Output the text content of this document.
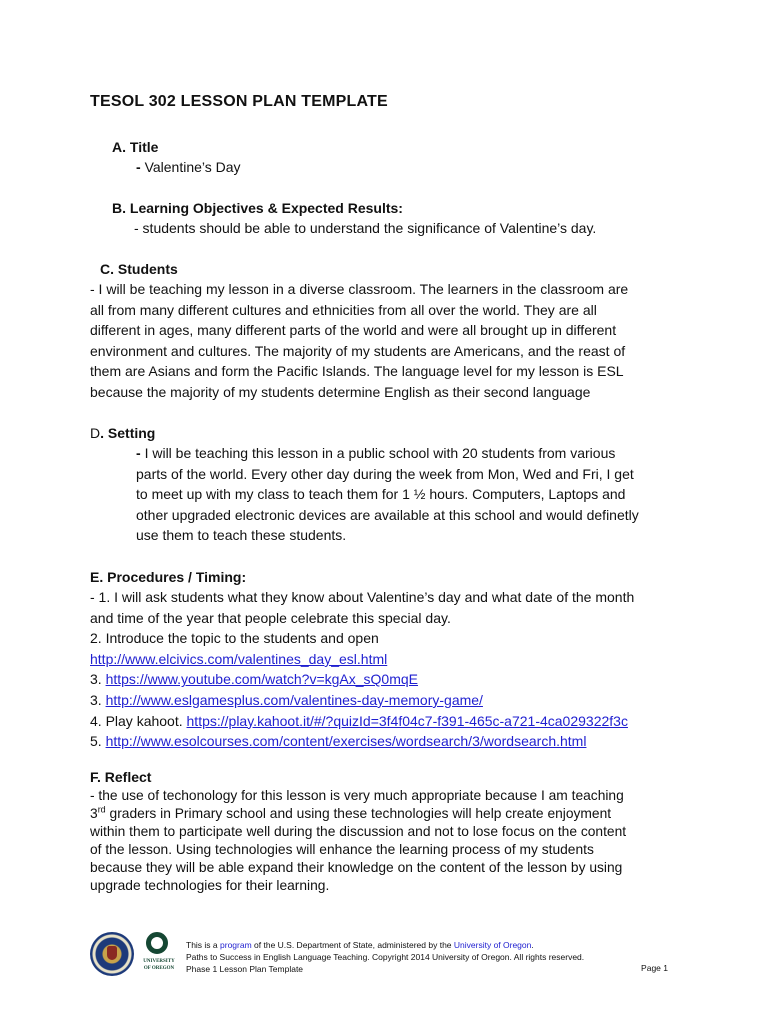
TESOL 302 LESSON PLAN TEMPLATE
A. Title
- Valentine’s Day
B. Learning Objectives & Expected Results:
- students should be able to understand the significance of Valentine’s day.
C. Students
- I will be teaching my lesson in a diverse classroom. The learners in the classroom are
all from many different cultures and ethnicities from all over the world. They are all
different in ages, many different parts of the world and were all brought up in different
environment and cultures. The majority of my students are Americans, and the reast of
them are Asians and form the Pacific Islands. The language level for my lesson is ESL
because the majority of my students determine English as their second language
D. Setting
- I will be teaching this lesson in a public school with 20 students from various
parts of the world. Every other day during the week from Mon, Wed and Fri, I get
to meet up with my class to teach them for 1 ½ hours. Computers, Laptops and
other upgraded electronic devices are available at this school and would definetly
use them to teach these students.
E. Procedures / Timing:
- 1. I will ask students what they know about Valentine’s day and what date of the month
and time of the year that people celebrate this special day.
2. Introduce the topic to the students and open
http://www.elcivics.com/valentines_day_esl.html
3. https://www.youtube.com/watch?v=kgAx_sQ0mqE
3. http://www.eslgamesplus.com/valentines-day-memory-game/
4. Play kahoot. https://play.kahoot.it/#/?quizId=3f4f04c7-f391-465c-a721-4ca029322f3c
5. http://www.esolcourses.com/content/exercises/wordsearch/3/wordsearch.html
F. Reflect
- the use of techonology for this lesson is very much appropriate because I am teaching
3rd graders in Primary school and using these technologies will help create enjoyment
within them to participate well during the discussion and not to lose focus on the content
of the lesson. Using technologies will enhance the learning process of my students
because they will be able expand their knowledge on the content of the lesson by using
upgrade technologies for their learning.
UNIVERSITY OF OREGON
This is a program of the U.S. Department of State, administered by the University of Oregon.
Paths to Success in English Language Teaching. Copyright 2014 University of Oregon. All rights reserved.
Phase 1 Lesson Plan Template	Page 1
